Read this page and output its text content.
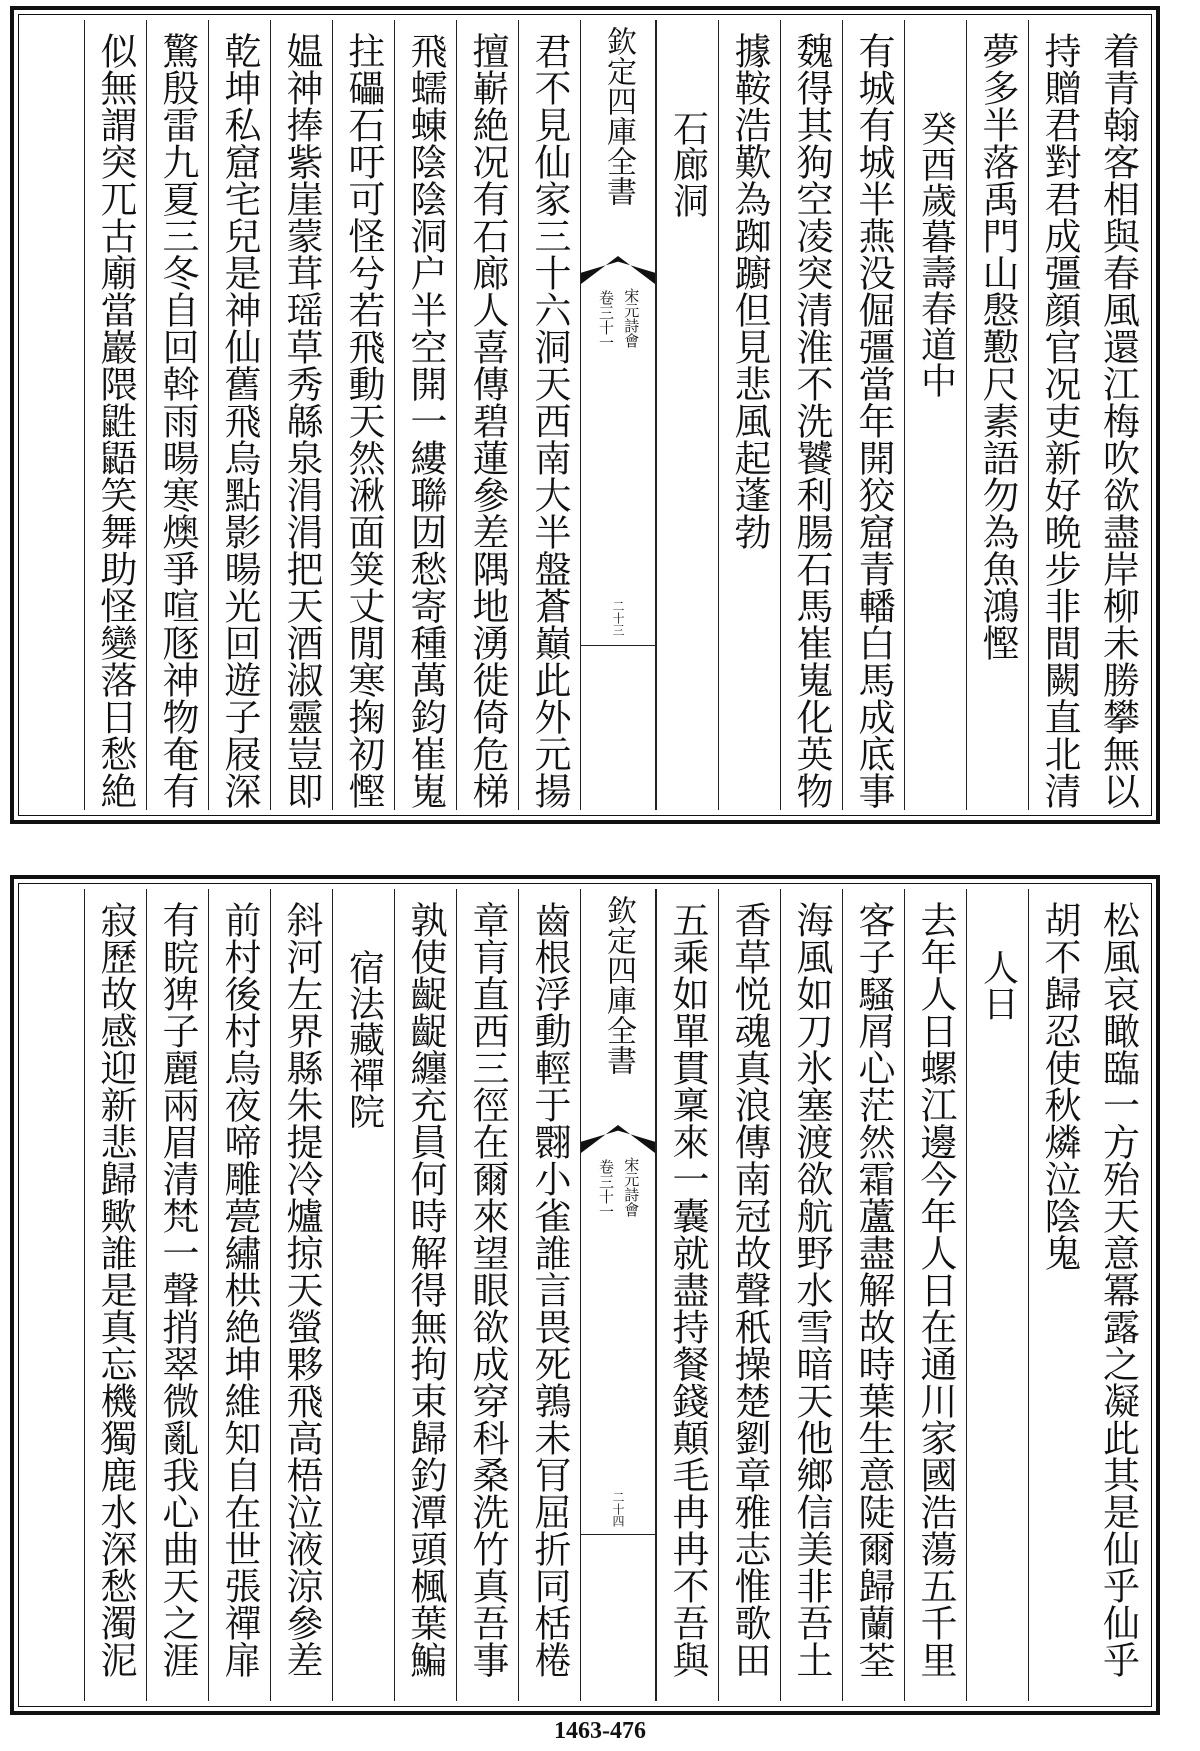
着青翰客相與春風還江梅吹欲盡岸柳未勝攀無以
持贈君對君成彊顔官况吏新好晩步非間闕直北清
夢多半落禹門山慇懃尺素語勿為魚鴻慳
癸酉歲暮壽春道中
有城有城半燕没倔彊當年開狡窟青轓白馬成底事
魏得其狗空凌突清淮不洗饕利腸石馬崔嵬化英物
據鞍浩歎為踟躕但見悲風起蓬勃
石廊洞
欽定四庫全書
宋元詩會
卷三十一
二十三
君不見仙家三十六洞天西南大半盤蒼巔此外元揚
擅嶄絶况有石廊人喜傳碧蓮參差隅地湧徙倚危梯
飛蠕蝀陰陰洞户半空開一縷聯㘞愁寄種萬鈞崔嵬
拄礧石吁可怪兮若飛動天然湫面䇲丈閒寒掬初慳
媪神捧紫崖蒙茸瑶草秀緜泉涓涓把天酒淑靈豈即
乾坤私窟宅兒是神仙舊飛烏點影暘光回遊子屐深
驚殷雷九夏三冬自回斡雨暘寒燠爭喧豗神物奄有
似無謂突兀古廟當巖隈鼪鼯笑舞助怪變落日愁絶
松風哀瞰臨一方殆天意冪露之凝此其是仙乎仙乎
胡不歸忍使秋燐泣陰鬼
人日
去年人日螺江邊今年人日在通川家國浩蕩五千里
客子騷屑心茫然霜蘆盡解故時葉生意陡爾歸蘭荃
海風如刀氷塞渡欲航野水雪暗天他鄉信美非吾土
香草悦魂真浪傳南冠故聲秖操楚劉章雅志惟歌田
五乘如單貫稟來一囊就盡持餐錢顛毛冉冉不吾與
欽定四庫全書
宋元詩會
卷三十一
二十四
齒根浮動輕于翾小雀誰言畏死鶉未肎屈折同栝棬
章肓直西三徑在爾來望眼欲成穿科桑洗竹真吾事
孰使齪齪纏充員何時解得無拘束歸釣潭頭楓葉鯿
宿法藏禪院
斜河左界縣朱提冷爐掠天螢夥飛高梧泣液涼參差
前村後村烏夜啼雕甍繡栱絶坤維知自在世張禪扉
有睆猈子麗兩眉清梵一聲捎翠微亂我心曲天之涯
寂歷故感迎新悲歸歟誰是真忘機獨鹿水深愁濁泥
1463-476
